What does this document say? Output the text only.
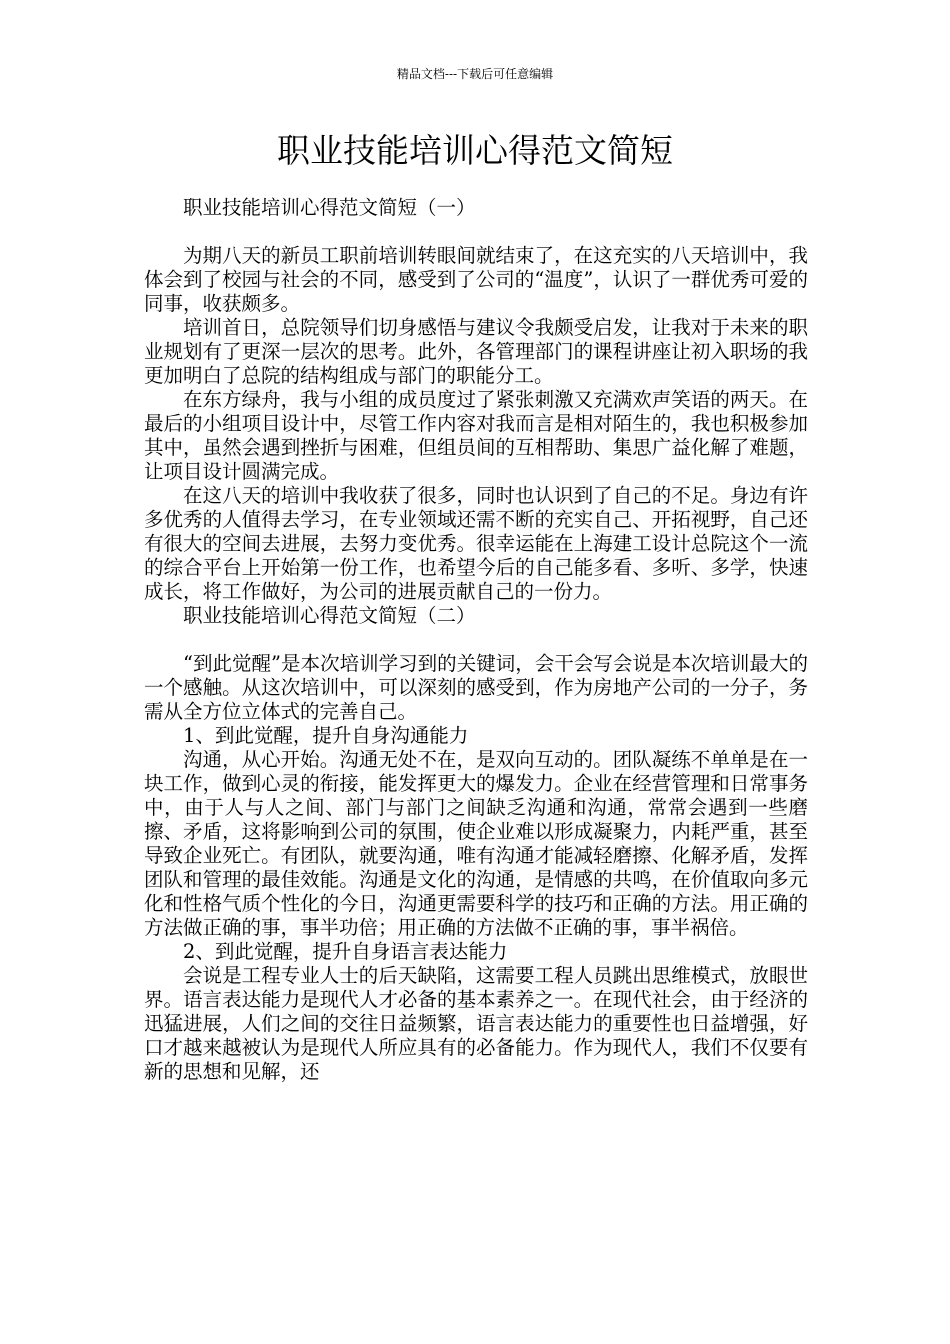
精品文档---下载后可任意编辑
职业技能培训心得范文简短

职业技能培训心得范文简短（一）

为期八天的新员工职前培训转眼间就结束了，在这充实的八天培训中，我体会到了校园与社会的不同，感受到了公司的“温度”，认识了一群优秀可爱的同事，收获颇多。

培训首日，总院领导们切身感悟与建议令我颇受启发，让我对于未来的职业规划有了更深一层次的思考。此外，各管理部门的课程讲座让初入职场的我更加明白了总院的结构组成与部门的职能分工。

在东方绿舟，我与小组的成员度过了紧张刺激又充满欢声笑语的两天。在最后的小组项目设计中，尽管工作内容对我而言是相对陌生的，我也积极参加其中，虽然会遇到挫折与困难，但组员间的互相帮助、集思广益化解了难题，让项目设计圆满完成。

在这八天的培训中我收获了很多，同时也认识到了自己的不足。身边有许多优秀的人值得去学习，在专业领域还需不断的充实自己、开拓视野，自己还有很大的空间去进展，去努力变优秀。很幸运能在上海建工设计总院这个一流的综合平台上开始第一份工作，也希望今后的自己能多看、多听、多学，快速成长，将工作做好，为公司的进展贡献自己的一份力。

职业技能培训心得范文简短（二）

“到此觉醒”是本次培训学习到的关键词，会干会写会说是本次培训最大的一个感触。从这次培训中，可以深刻的感受到，作为房地产公司的一分子，务需从全方位立体式的完善自己。

1、到此觉醒，提升自身沟通能力

沟通，从心开始。沟通无处不在，是双向互动的。团队凝练不单单是在一块工作，做到心灵的衔接，能发挥更大的爆发力。企业在经营管理和日常事务中，由于人与人之间、部门与部门之间缺乏沟通和沟通，常常会遇到一些磨擦、矛盾，这将影响到公司的氛围，使企业难以形成凝聚力，内耗严重，甚至导致企业死亡。有团队，就要沟通，唯有沟通才能减轻磨擦、化解矛盾，发挥团队和管理的最佳效能。沟通是文化的沟通，是情感的共鸣，在价值取向多元化和性格气质个性化的今日，沟通更需要科学的技巧和正确的方法。用正确的方法做正确的事，事半功倍；用正确的方法做不正确的事，事半祸倍。

2、到此觉醒，提升自身语言表达能力

会说是工程专业人士的后天缺陷，这需要工程人员跳出思维模式，放眼世界。语言表达能力是现代人才必备的基本素养之一。在现代社会，由于经济的迅猛进展，人们之间的交往日益频繁，语言表达能力的重要性也日益增强，好口才越来越被认为是现代人所应具有的必备能力。作为现代人，我们不仅要有新的思想和见解，还
